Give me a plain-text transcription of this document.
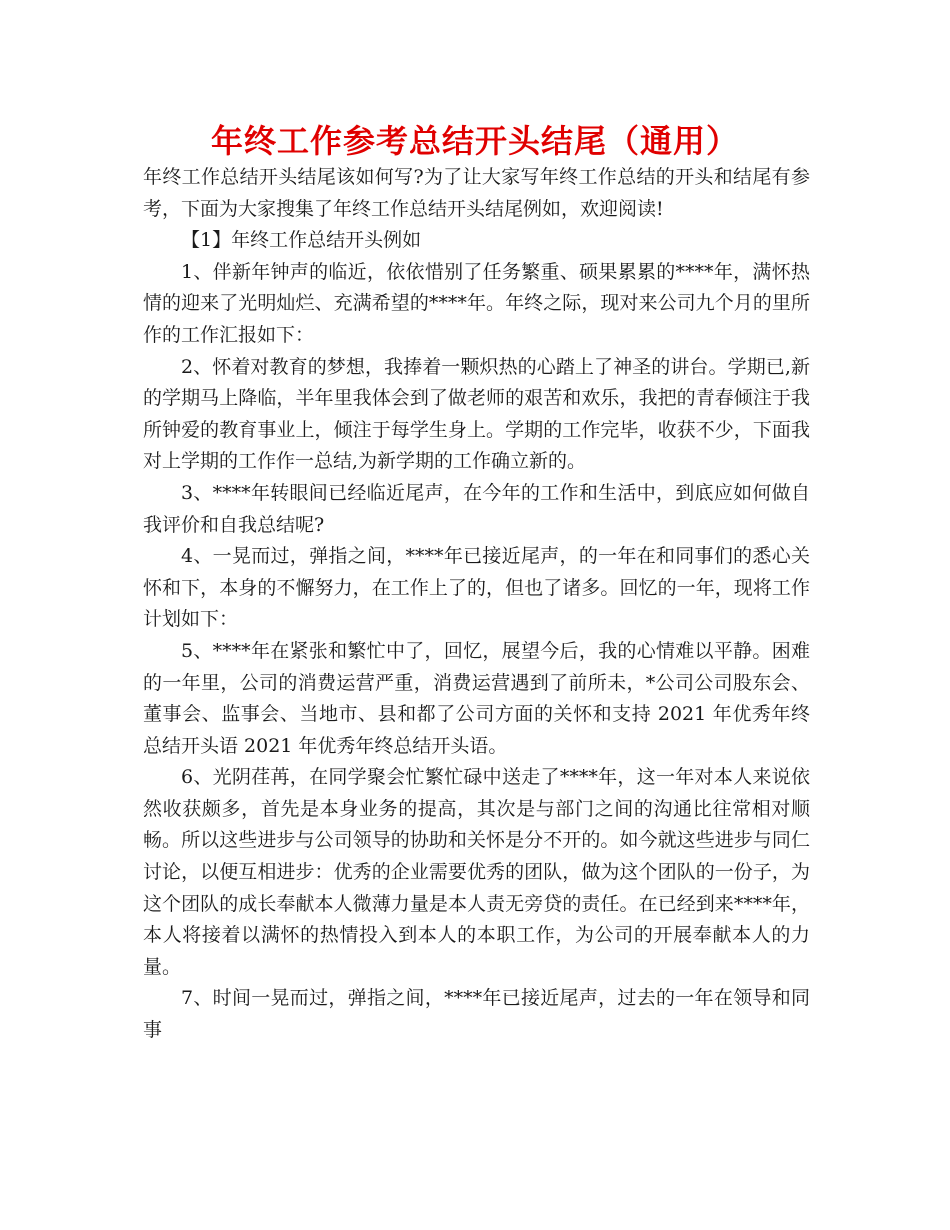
年终工作参考总结开头结尾（通用）

年终工作总结开头结尾该如何写?为了让大家写年终工作总结的开头和结尾有参考，下面为大家搜集了年终工作总结开头结尾例如，欢迎阅读!

【1】年终工作总结开头例如

1、伴新年钟声的临近，依依惜别了任务繁重、硕果累累的****年，满怀热情的迎来了光明灿烂、充满希望的****年。年终之际，现对来公司九个月的里所作的工作汇报如下：

2、怀着对教育的梦想，我捧着一颗炽热的心踏上了神圣的讲台。学期已,新的学期马上降临，半年里我体会到了做老师的艰苦和欢乐，我把的青春倾注于我所钟爱的教育事业上，倾注于每学生身上。学期的工作完毕，收获不少，下面我对上学期的工作作一总结,为新学期的工作确立新的。

3、****年转眼间已经临近尾声，在今年的工作和生活中，到底应如何做自我评价和自我总结呢?

4、一晃而过，弹指之间，****年已接近尾声，的一年在和同事们的悉心关怀和下，本身的不懈努力，在工作上了的，但也了诸多。回忆的一年，现将工作计划如下：

5、****年在紧张和繁忙中了，回忆，展望今后，我的心情难以平静。困难的一年里，公司的消费运营严重，消费运营遇到了前所未，*公司公司股东会、董事会、监事会、当地市、县和都了公司方面的关怀和支持 2021 年优秀年终总结开头语 2021 年优秀年终总结开头语。

6、光阴荏苒，在同学聚会忙繁忙碌中送走了****年，这一年对本人来说依然收获颇多，首先是本身业务的提高，其次是与部门之间的沟通比往常相对顺畅。所以这些进步与公司领导的协助和关怀是分不开的。如今就这些进步与同仁讨论，以便互相进步：优秀的企业需要优秀的团队，做为这个团队的一份子，为这个团队的成长奉献本人微薄力量是本人责无旁贷的责任。在已经到来****年，本人将接着以满怀的热情投入到本人的本职工作，为公司的开展奉献本人的力量。

7、时间一晃而过，弹指之间，****年已接近尾声，过去的一年在领导和同事
